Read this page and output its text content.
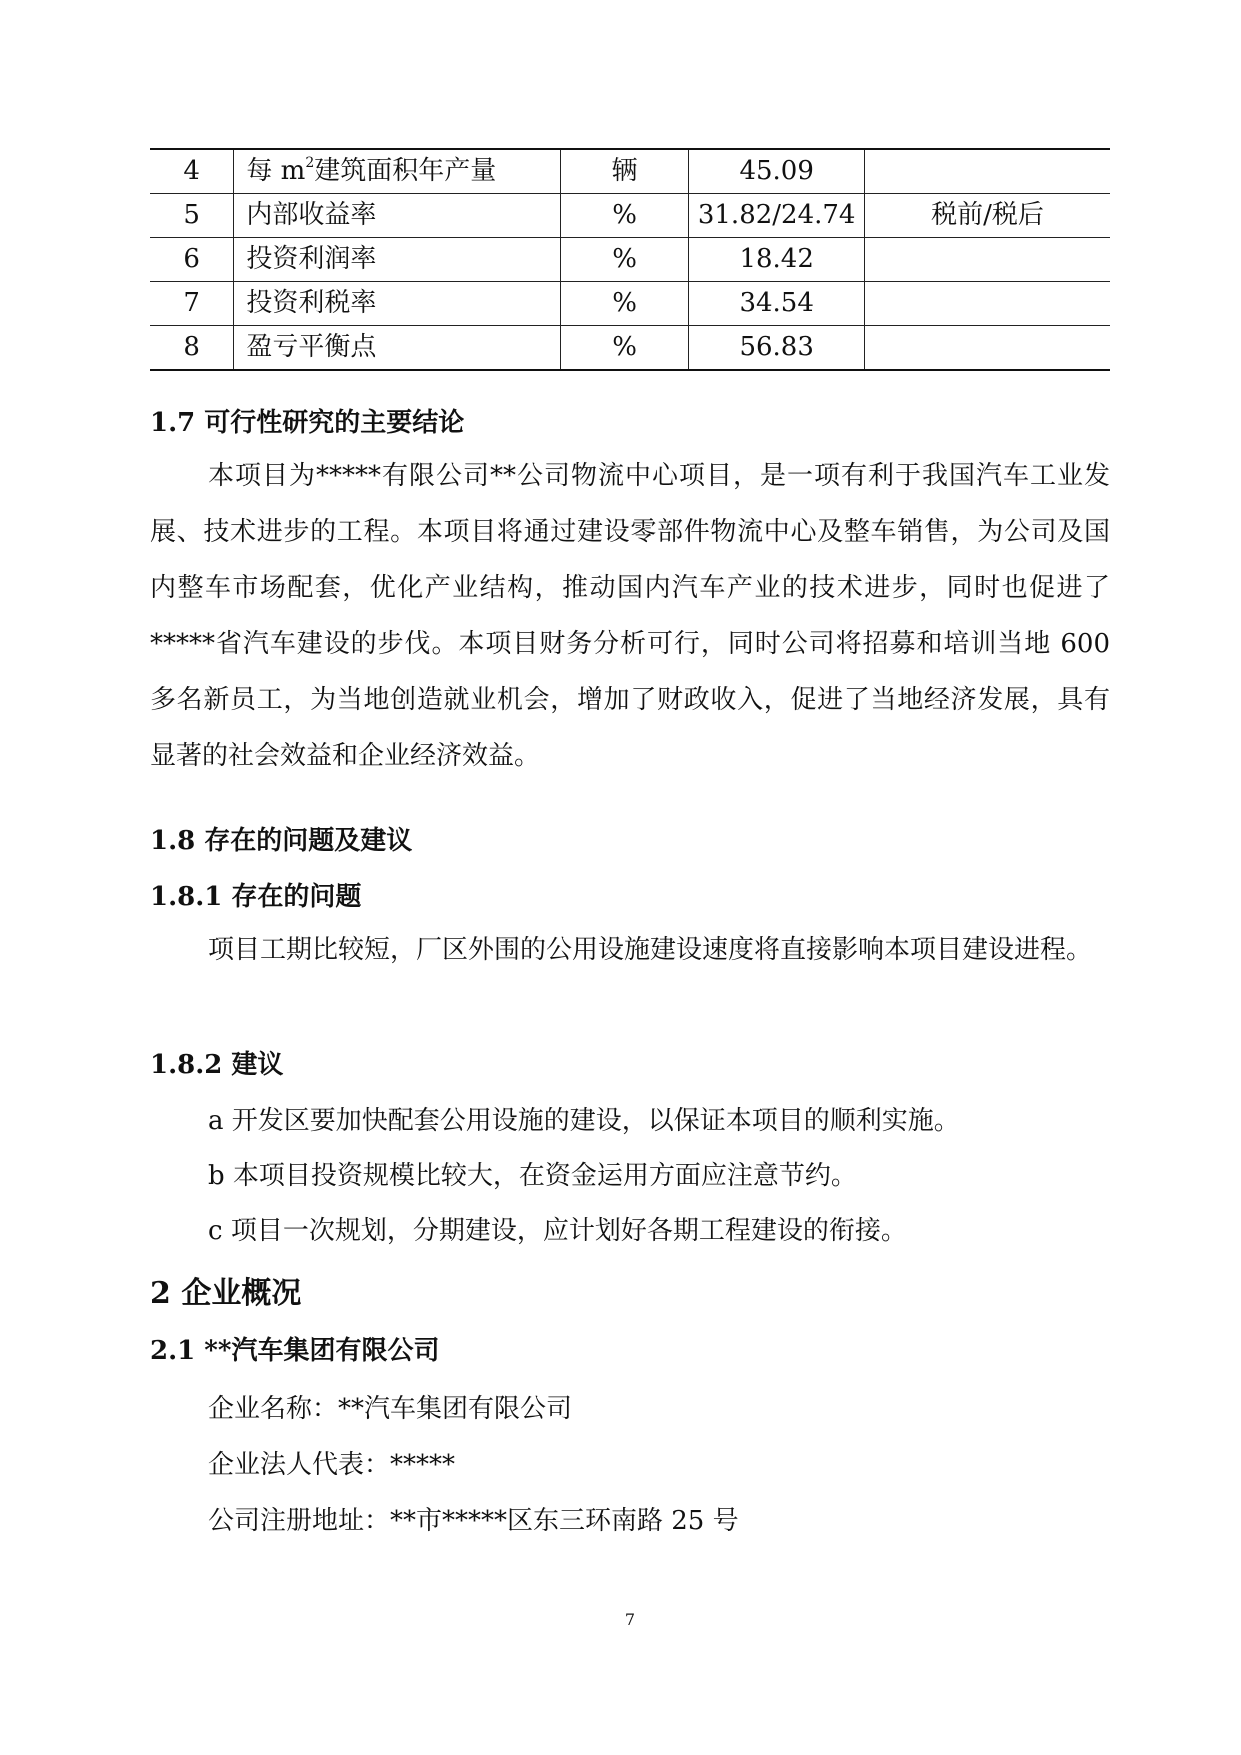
4	每 $m^2$建筑面积年产量	辆	45.09	
5	内部收益率	%	31.82/24.74	税前/税后
6	投资利润率	%	18.42	
7	投资利税率	%	34.54	
8	盈亏平衡点	%	56.83	
1.7 可行性研究的主要结论

本项目为*****有限公司**公司物流中心项目，是一项有利于我国汽车工业发展、技术进步的工程。本项目将通过建设零部件物流中心及整车销售，为公司及国内整车市场配套，优化产业结构，推动国内汽车产业的技术进步，同时也促进了*****省汽车建设的步伐。本项目财务分析可行，同时公司将招募和培训当地 600 多名新员工，为当地创造就业机会，增加了财政收入，促进了当地经济发展，具有显著的社会效益和企业经济效益。

1.8 存在的问题及建议
1.8.1 存在的问题

项目工期比较短，厂区外围的公用设施建设速度将直接影响本项目建设进程。

1.8.2 建议
a 开发区要加快配套公用设施的建设，以保证本项目的顺利实施。
b 本项目投资规模比较大，在资金运用方面应注意节约。
c 项目一次规划，分期建设，应计划好各期工程建设的衔接。
2 企业概况
2.1 **汽车集团有限公司
企业名称：**汽车集团有限公司
企业法人代表：*****
公司注册地址：**市*****区东三环南路 25 号
7
